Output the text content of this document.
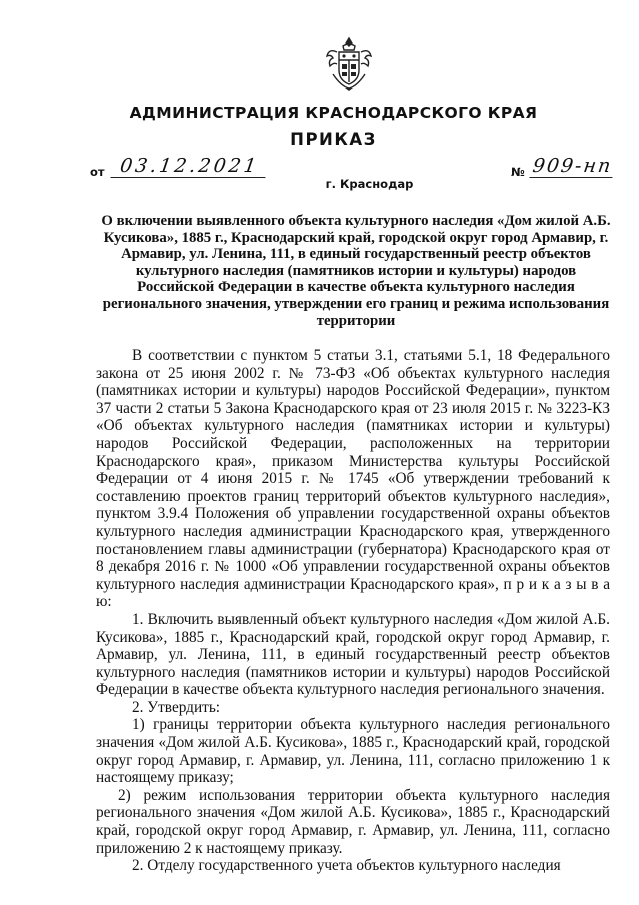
АДМИНИСТРАЦИЯ КРАСНОДАРСКОГО КРАЯ
ПРИКАЗ
от 03.12.2021	№ 909-нп
г. Краснодар
О включении выявленного объекта культурного наследия «Дом жилой А.Б. Кусикова», 1885 г., Краснодарский край, городской округ город Армавир, г. Армавир, ул. Ленина, 111, в единый государственный реестр объектов культурного наследия (памятников истории и культуры) народов Российской Федерации в качестве объекта культурного наследия регионального значения, утверждении его границ и режима использования территории

В соответствии с пунктом 5 статьи 3.1, статьями 5.1, 18 Федерального закона от 25 июня 2002 г. № 73-ФЗ «Об объектах культурного наследия (памятниках истории и культуры) народов Российской Федерации», пунктом 37 части 2 статьи 5 Закона Краснодарского края от 23 июля 2015 г. № 3223-КЗ «Об объектах культурного наследия (памятниках истории и культуры) народов Российской Федерации, расположенных на территории Краснодарского края», приказом Министерства культуры Российской Федерации от 4 июня 2015 г. № 1745 «Об утверждении требований к составлению проектов границ территорий объектов культурного наследия», пунктом 3.9.4 Положения об управлении государственной охраны объектов культурного наследия администрации Краснодарского края, утвержденного постановлением главы администрации (губернатора) Краснодарского края от 8 декабря 2016 г. № 1000 «Об управлении государственной охраны объектов культурного наследия администрации Краснодарского края», п р и к а з ы в а ю:

1. Включить выявленный объект культурного наследия «Дом жилой А.Б. Кусикова», 1885 г., Краснодарский край, городской округ город Армавир, г. Армавир, ул. Ленина, 111, в единый государственный реестр объектов культурного наследия (памятников истории и культуры) народов Российской Федерации в качестве объекта культурного наследия регионального значения.

2. Утвердить:

1) границы территории объекта культурного наследия регионального значения «Дом жилой А.Б. Кусикова», 1885 г., Краснодарский край, городской округ город Армавир, г. Армавир, ул. Ленина, 111, согласно приложению 1 к настоящему приказу;

2) режим использования территории объекта культурного наследия регионального значения «Дом жилой А.Б. Кусикова», 1885 г., Краснодарский край, городской округ город Армавир, г. Армавир, ул. Ленина, 111, согласно приложению 2 к настоящему приказу.

2. Отделу государственного учета объектов культурного наследия
